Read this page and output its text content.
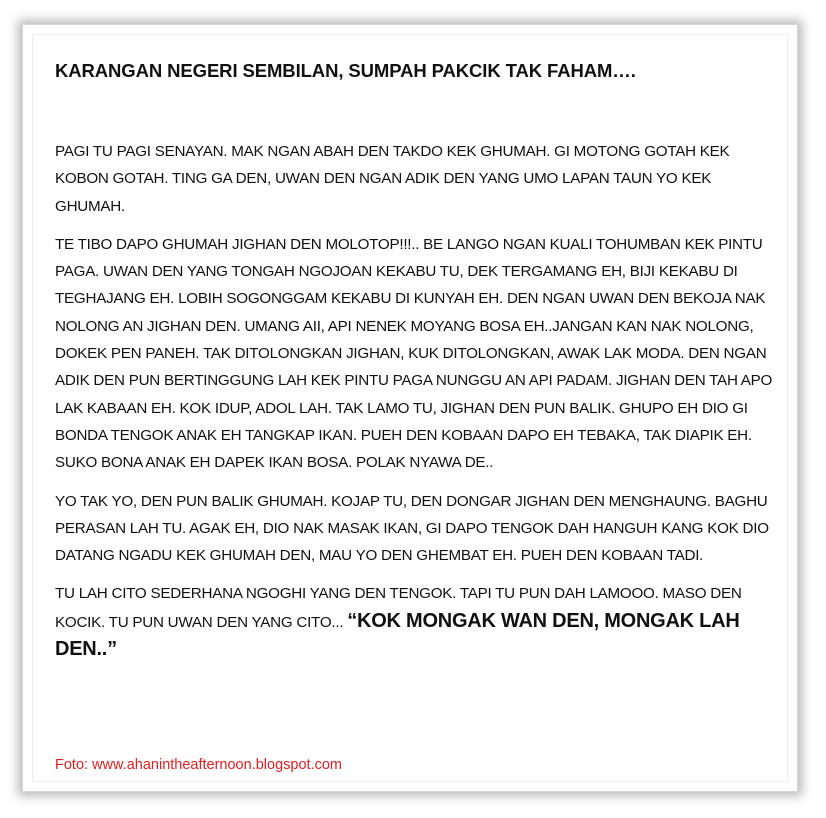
KARANGAN NEGERI SEMBILAN, SUMPAH PAKCIK TAK FAHAM….

PAGI TU PAGI SENAYAN. MAK NGAN ABAH DEN TAKDO KEK GHUMAH. GI MOTONG GOTAH KEK KOBON GOTAH. TING GA DEN, UWAN DEN NGAN ADIK DEN YANG UMO LAPAN TAUN YO KEK GHUMAH.

TE TIBO DAPO GHUMAH JIGHAN DEN MOLOTOP!!!.. BE LANGO NGAN KUALI TOHUMBAN KEK PINTU PAGA. UWAN DEN YANG TONGAH NGOJOAN KEKABU TU, DEK TERGAMANG EH, BIJI KEKABU DI TEGHAJANG EH. LOBIH SOGONGGAM KEKABU DI KUNYAH EH. DEN NGAN UWAN DEN BEKOJA NAK NOLONG AN JIGHAN DEN. UMANG AII, API NENEK MOYANG BOSA EH..JANGAN KAN NAK NOLONG, DOKEK PEN PANEH. TAK DITOLONGKAN JIGHAN, KUK DITOLONGKAN, AWAK LAK MODA. DEN NGAN ADIK DEN PUN BERTINGGUNG LAH KEK PINTU PAGA NUNGGU AN API PADAM. JIGHAN DEN TAH APO LAK KABAAN EH. KOK IDUP, ADOL LAH. TAK LAMO TU, JIGHAN DEN PUN BALIK. GHUPO EH DIO GI BONDA TENGOK ANAK EH TANGKAP IKAN. PUEH DEN KOBAAN DAPO EH TEBAKA, TAK DIAPIK EH. SUKO BONA ANAK EH DAPEK IKAN BOSA. POLAK NYAWA DE..

YO TAK YO, DEN PUN BALIK GHUMAH. KOJAP TU, DEN DONGAR JIGHAN DEN MENGHAUNG. BAGHU PERASAN LAH TU. AGAK EH, DIO NAK MASAK IKAN, GI DAPO TENGOK DAH HANGUH KANG KOK DIO DATANG NGADU KEK GHUMAH DEN, MAU YO DEN GHEMBAT EH. PUEH DEN KOBAAN TADI.

TU LAH CITO SEDERHANA NGOGHI YANG DEN TENGOK. TAPI TU PUN DAH LAMOOO. MASO DEN KOCIK. TU PUN UWAN DEN YANG CITO... “KOK MONGAK WAN DEN, MONGAK LAH DEN..”

Foto: www.ahanintheafternoon.blogspot.com
